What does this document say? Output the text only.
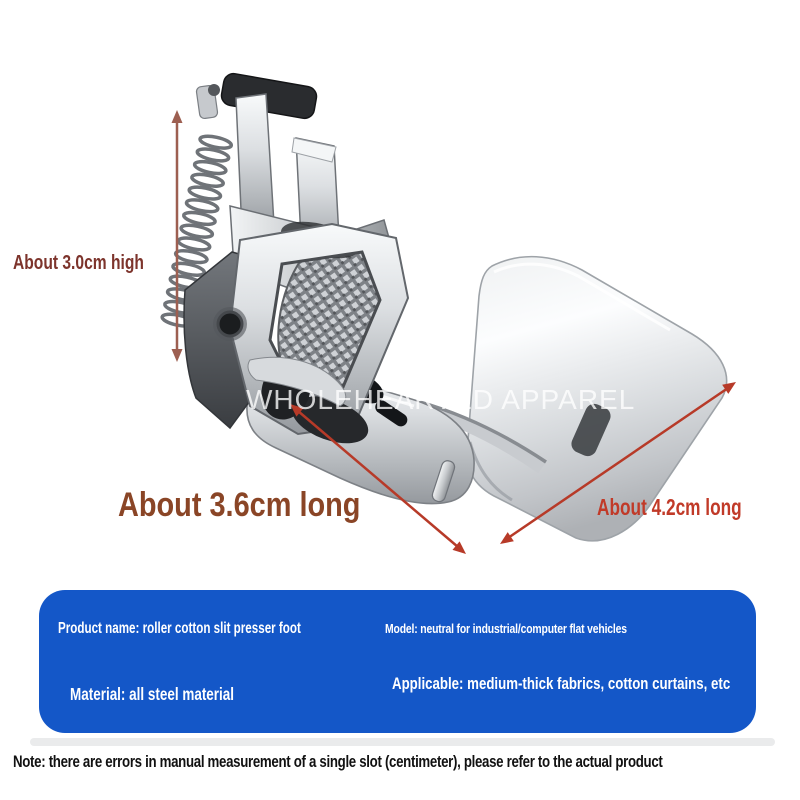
WHOLEHEARTED APPAREL
About 3.0cm high
About 3.6cm long	About 4.2cm long
Product name: roller cotton slit presser foot	Model: neutral for industrial/computer flat vehicles
Material: all steel material
Applicable: medium-thick fabrics, cotton curtains, etc
Note: there are errors in manual measurement of a single slot (centimeter), please refer to the actual product
